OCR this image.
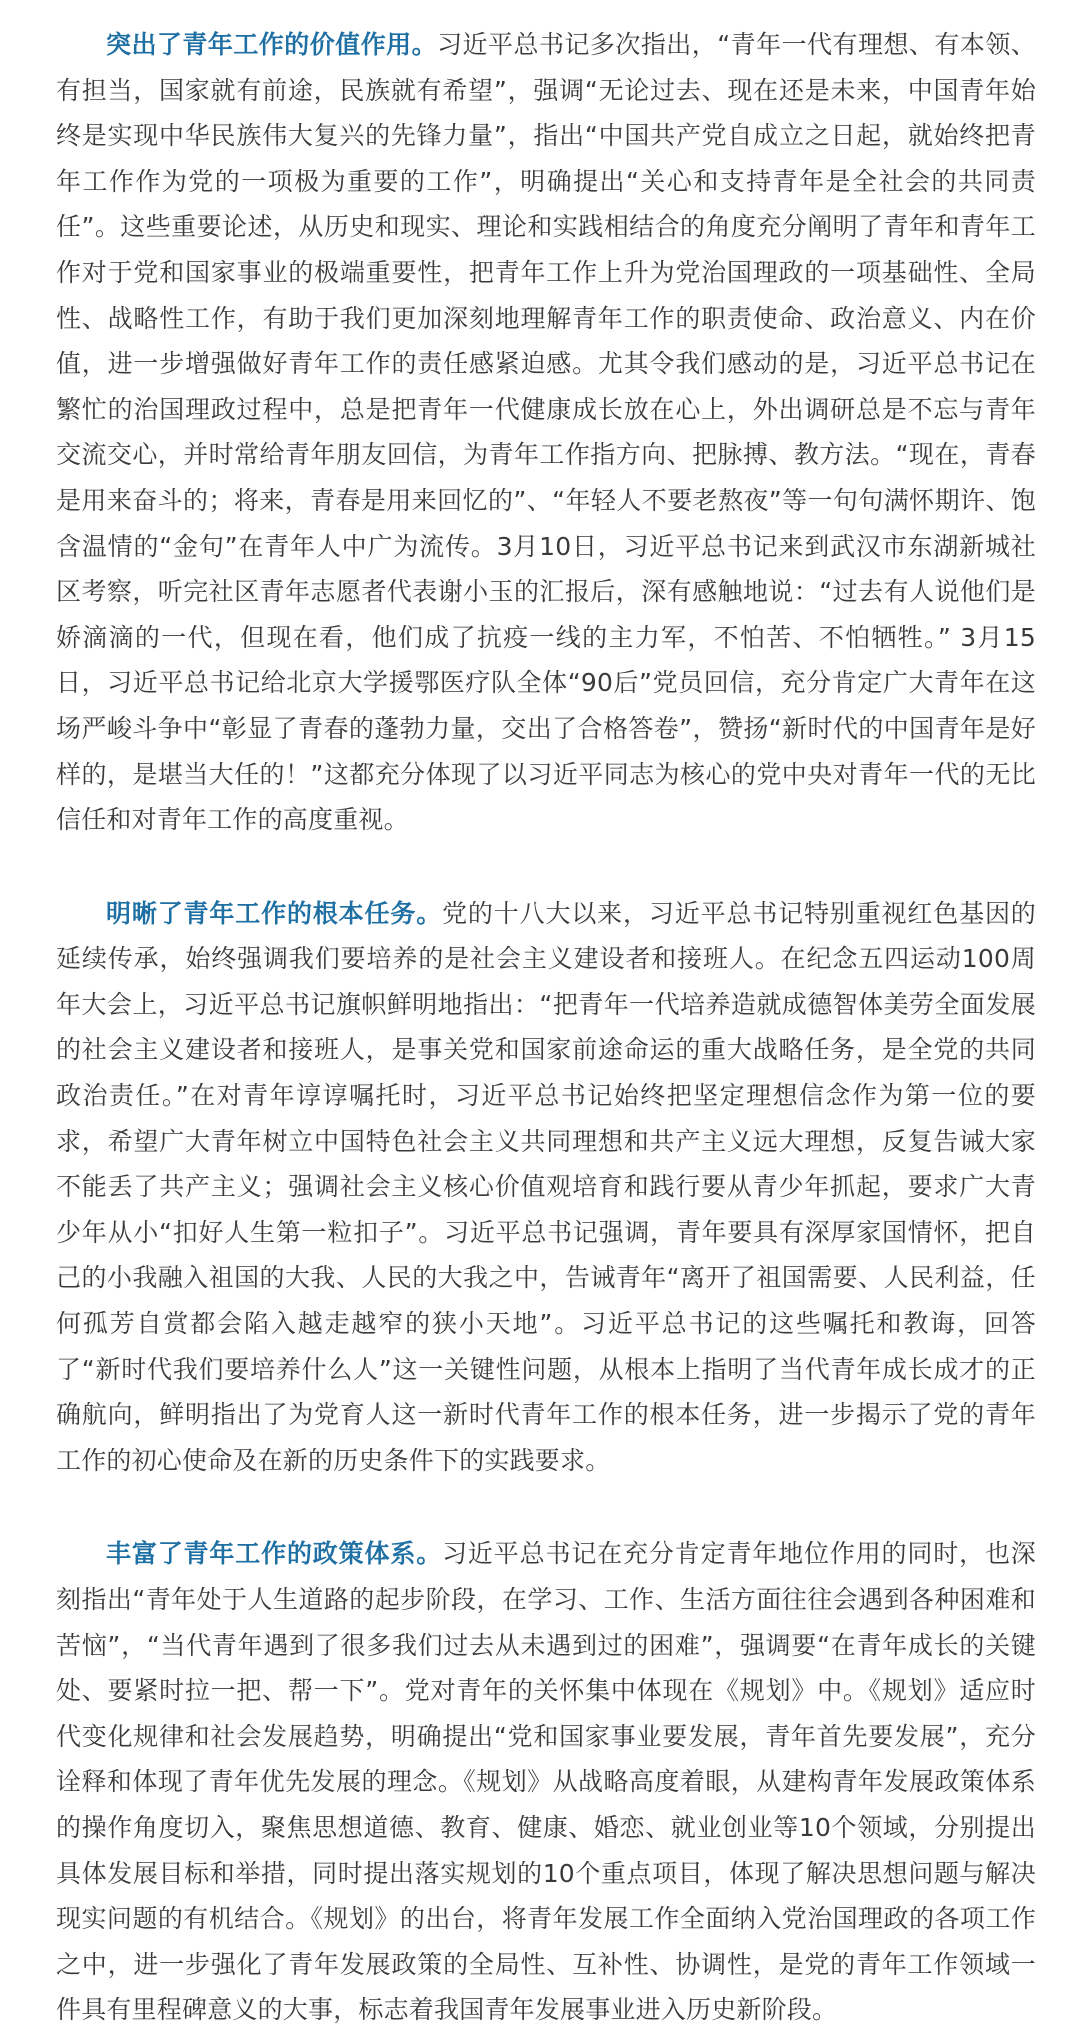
突出了青年工作的价值作用。习近平总书记多次指出，“青年一代有理想、有本领、有担当，国家就有前途，民族就有希望”，强调“无论过去、现在还是未来，中国青年始终是实现中华民族伟大复兴的先锋力量”，指出“中国共产党自成立之日起，就始终把青年工作作为党的一项极为重要的工作”，明确提出“关心和支持青年是全社会的共同责任”。这些重要论述，从历史和现实、理论和实践相结合的角度充分阐明了青年和青年工作对于党和国家事业的极端重要性，把青年工作上升为党治国理政的一项基础性、全局性、战略性工作，有助于我们更加深刻地理解青年工作的职责使命、政治意义、内在价值，进一步增强做好青年工作的责任感紧迫感。尤其令我们感动的是，习近平总书记在繁忙的治国理政过程中，总是把青年一代健康成长放在心上，外出调研总是不忘与青年交流交心，并时常给青年朋友回信，为青年工作指方向、把脉搏、教方法。“现在，青春是用来奋斗的；将来，青春是用来回忆的”、“年轻人不要老熬夜”等一句句满怀期许、饱含温情的“金句”在青年人中广为流传。3月10日，习近平总书记来到武汉市东湖新城社区考察，听完社区青年志愿者代表谢小玉的汇报后，深有感触地说：“过去有人说他们是娇滴滴的一代，但现在看，他们成了抗疫一线的主力军，不怕苦、不怕牺牲。” 3月15日，习近平总书记给北京大学援鄂医疗队全体“90后”党员回信，充分肯定广大青年在这场严峻斗争中“彰显了青春的蓬勃力量，交出了合格答卷”，赞扬“新时代的中国青年是好样的，是堪当大任的！”这都充分体现了以习近平同志为核心的党中央对青年一代的无比信任和对青年工作的高度重视。

明晰了青年工作的根本任务。党的十八大以来，习近平总书记特别重视红色基因的延续传承，始终强调我们要培养的是社会主义建设者和接班人。在纪念五四运动100周年大会上，习近平总书记旗帜鲜明地指出：“把青年一代培养造就成德智体美劳全面发展的社会主义建设者和接班人，是事关党和国家前途命运的重大战略任务，是全党的共同政治责任。”在对青年谆谆嘱托时，习近平总书记始终把坚定理想信念作为第一位的要求，希望广大青年树立中国特色社会主义共同理想和共产主义远大理想，反复告诫大家不能丢了共产主义；强调社会主义核心价值观培育和践行要从青少年抓起，要求广大青少年从小“扣好人生第一粒扣子”。习近平总书记强调，青年要具有深厚家国情怀，把自己的小我融入祖国的大我、人民的大我之中，告诫青年“离开了祖国需要、人民利益，任何孤芳自赏都会陷入越走越窄的狭小天地”。习近平总书记的这些嘱托和教诲，回答了“新时代我们要培养什么人”这一关键性问题，从根本上指明了当代青年成长成才的正确航向，鲜明指出了为党育人这一新时代青年工作的根本任务，进一步揭示了党的青年工作的初心使命及在新的历史条件下的实践要求。

丰富了青年工作的政策体系。习近平总书记在充分肯定青年地位作用的同时，也深刻指出“青年处于人生道路的起步阶段，在学习、工作、生活方面往往会遇到各种困难和苦恼”，“当代青年遇到了很多我们过去从未遇到过的困难”，强调要“在青年成长的关键处、要紧时拉一把、帮一下”。党对青年的关怀集中体现在《规划》中。《规划》适应时代变化规律和社会发展趋势，明确提出“党和国家事业要发展，青年首先要发展”，充分诠释和体现了青年优先发展的理念。《规划》从战略高度着眼，从建构青年发展政策体系的操作角度切入，聚焦思想道德、教育、健康、婚恋、就业创业等10个领域，分别提出具体发展目标和举措，同时提出落实规划的10个重点项目，体现了解决思想问题与解决现实问题的有机结合。《规划》的出台，将青年发展工作全面纳入党治国理政的各项工作之中，进一步强化了青年发展政策的全局性、互补性、协调性，是党的青年工作领域一件具有里程碑意义的大事，标志着我国青年发展事业进入历史新阶段。
